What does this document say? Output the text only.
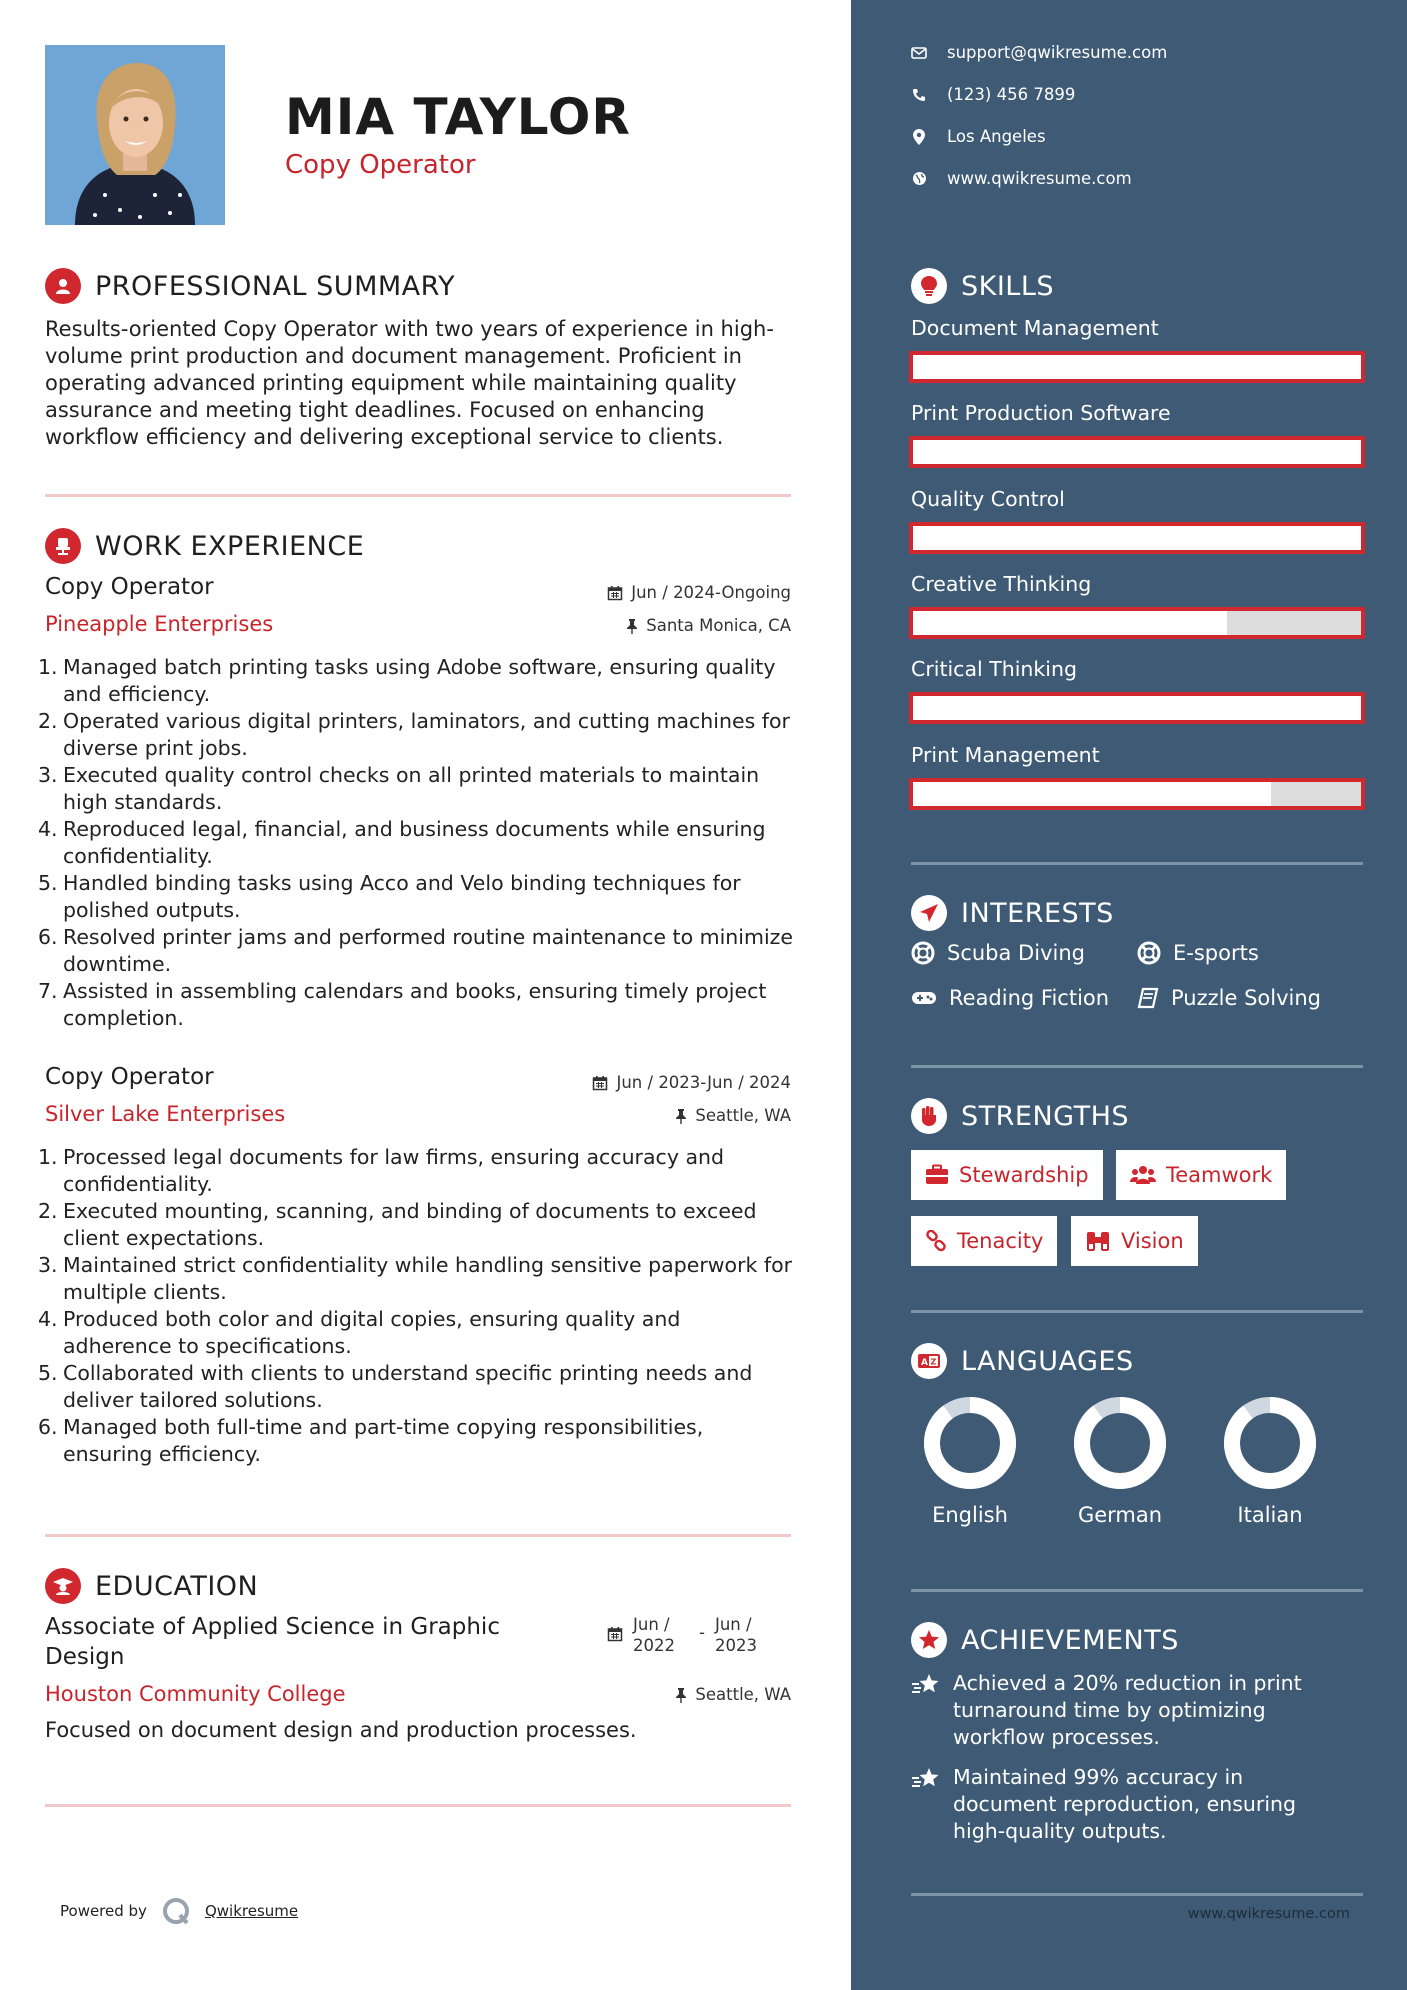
MIA TAYLOR
Copy Operator
PROFESSIONAL SUMMARY
Results-oriented Copy Operator with two years of experience in high-volume print production and document management. Proficient in operating advanced printing equipment while maintaining quality assurance and meeting tight deadlines. Focused on enhancing workflow efficiency and delivering exceptional service to clients.
WORK EXPERIENCE
Copy Operator	Jun / 2024-Ongoing
Pineapple Enterprises	Santa Monica, CA
1. Managed batch printing tasks using Adobe software, ensuring quality and efficiency.
2. Operated various digital printers, laminators, and cutting machines for diverse print jobs.
3. Executed quality control checks on all printed materials to maintain high standards.
4. Reproduced legal, financial, and business documents while ensuring confidentiality.
5. Handled binding tasks using Acco and Velo binding techniques for polished outputs.
6. Resolved printer jams and performed routine maintenance to minimize downtime.
7. Assisted in assembling calendars and books, ensuring timely project completion.
Copy Operator	Jun / 2023-Jun / 2024
Silver Lake Enterprises	Seattle, WA
1. Processed legal documents for law firms, ensuring accuracy and confidentiality.
2. Executed mounting, scanning, and binding of documents to exceed client expectations.
3. Maintained strict confidentiality while handling sensitive paperwork for multiple clients.
4. Produced both color and digital copies, ensuring quality and adherence to specifications.
5. Collaborated with clients to understand specific printing needs and deliver tailored solutions.
6. Managed both full-time and part-time copying responsibilities, ensuring efficiency.
EDUCATION
Associate of Applied Science in Graphic Design
Jun / 2022
- Jun / 2023
Houston Community College	Seattle, WA
Focused on document design and production processes.
Powered by	Qwikresume
support@qwikresume.com
(123) 456 7899
Los Angeles
www.qwikresume.com
SKILLS
Document Management
Print Production Software
Quality Control
Creative Thinking
Critical Thinking
Print Management
INTERESTS
Scuba Diving	E-sports
Reading Fiction	Puzzle Solving
STRENGTHS
Stewardship	Teamwork
Tenacity	Vision
A Z LANGUAGES
English	German	Italian
ACHIEVEMENTS
Achieved a 20% reduction in print turnaround time by optimizing workflow processes.
Maintained 99% accuracy in document reproduction, ensuring high-quality outputs.
www.qwikresume.com
